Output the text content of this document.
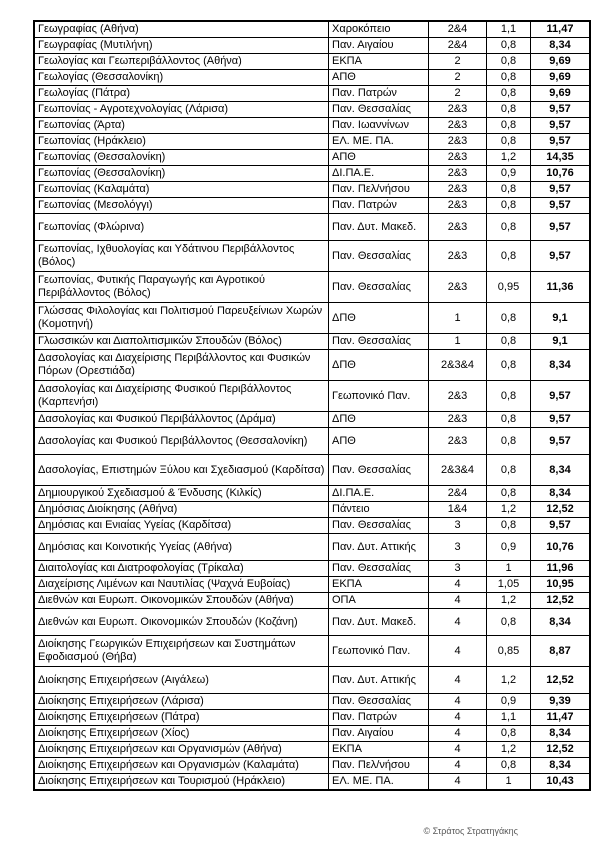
Γεωγραφίας (Αθήνα)	Χαροκόπειο	2&4	1,1	11,47
Γεωγραφίας (Μυτιλήνη)	Παν. Αιγαίου	2&4	0,8	8,34
Γεωλογίας και Γεωπεριβάλλοντος (Αθήνα)	ΕΚΠΑ	2	0,8	9,69
Γεωλογίας (Θεσσαλονίκη)	ΑΠΘ	2	0,8	9,69
Γεωλογίας (Πάτρα)	Παν. Πατρών	2	0,8	9,69
Γεωπονίας - Αγροτεχνολογίας (Λάρισα)	Παν. Θεσσαλίας	2&3	0,8	9,57
Γεωπονίας (Άρτα)	Παν. Ιωαννίνων	2&3	0,8	9,57
Γεωπονίας (Ηράκλειο)	ΕΛ. ΜΕ. ΠΑ.	2&3	0,8	9,57
Γεωπονίας (Θεσσαλονίκη)	ΑΠΘ	2&3	1,2	14,35
Γεωπονίας (Θεσσαλονίκη)	ΔΙ.ΠΑ.Ε.	2&3	0,9	10,76
Γεωπονίας (Καλαμάτα)	Παν. Πελ/νήσου	2&3	0,8	9,57
Γεωπονίας (Μεσολόγγι)	Παν. Πατρών	2&3	0,8	9,57
Γεωπονίας (Φλώρινα)	Παν. Δυτ. Μακεδ.	2&3	0,8	9,57
Γεωπονίας, Ιχθυολογίας και Υδάτινου Περιβάλλοντος (Βόλος)	Παν. Θεσσαλίας	2&3	0,8	9,57
Γεωπονίας, Φυτικής Παραγωγής και Αγροτικού Περιβάλλοντος (Βόλος)	Παν. Θεσσαλίας	2&3	0,95	11,36
Γλώσσας Φιλολογίας και Πολιτισμού Παρευξείνιων Χωρών (Κομοτηνή)	ΔΠΘ	1	0,8	9,1
Γλωσσικών και Διαπολιτισμικών Σπουδών (Βόλος)	Παν. Θεσσαλίας	1	0,8	9,1
Δασολογίας και Διαχείρισης Περιβάλλοντος και Φυσικών Πόρων (Ορεστιάδα)	ΔΠΘ	2&3&4	0,8	8,34
Δασολογίας και Διαχείρισης Φυσικού Περιβάλλοντος (Καρπενήσι)	Γεωπονικό Παν.	2&3	0,8	9,57
Δασολογίας και Φυσικού Περιβάλλοντος (Δράμα)	ΔΠΘ	2&3	0,8	9,57
Δασολογίας και Φυσικού Περιβάλλοντος (Θεσσαλονίκη)	ΑΠΘ	2&3	0,8	9,57
Δασολογίας, Επιστημών Ξύλου και Σχεδιασμού (Καρδίτσα)	Παν. Θεσσαλίας	2&3&4	0,8	8,34
Δημιουργικού Σχεδιασμού & Ένδυσης (Κιλκίς)	ΔΙ.ΠΑ.Ε.	2&4	0,8	8,34
Δημόσιας Διοίκησης (Αθήνα)	Πάντειο	1&4	1,2	12,52
Δημόσιας και Ενιαίας Υγείας (Καρδίτσα)	Παν. Θεσσαλίας	3	0,8	9,57
Δημόσιας και Κοινοτικής Υγείας (Αθήνα)	Παν. Δυτ. Αττικής	3	0,9	10,76
Διαιτολογίας και Διατροφολογίας (Τρίκαλα)	Παν. Θεσσαλίας	3	1	11,96
Διαχείρισης Λιμένων και Ναυτιλίας (Ψαχνά Ευβοίας)	ΕΚΠΑ	4	1,05	10,95
Διεθνών και Ευρωπ. Οικονομικών Σπουδών (Αθήνα)	ΟΠΑ	4	1,2	12,52
Διεθνών και Ευρωπ. Οικονομικών Σπουδών (Κοζάνη)	Παν. Δυτ. Μακεδ.	4	0,8	8,34
Διοίκησης Γεωργικών Επιχειρήσεων και Συστημάτων Εφοδιασμού (Θήβα)	Γεωπονικό Παν.	4	0,85	8,87
Διοίκησης Επιχειρήσεων (Αιγάλεω)	Παν. Δυτ. Αττικής	4	1,2	12,52
Διοίκησης Επιχειρήσεων (Λάρισα)	Παν. Θεσσαλίας	4	0,9	9,39
Διοίκησης Επιχειρήσεων (Πάτρα)	Παν. Πατρών	4	1,1	11,47
Διοίκησης Επιχειρήσεων (Χίος)	Παν. Αιγαίου	4	0,8	8,34
Διοίκησης Επιχειρήσεων και Οργανισμών (Αθήνα)	ΕΚΠΑ	4	1,2	12,52
Διοίκησης Επιχειρήσεων και Οργανισμών (Καλαμάτα)	Παν. Πελ/νήσου	4	0,8	8,34
Διοίκησης Επιχειρήσεων και Τουρισμού (Ηράκλειο)	ΕΛ. ΜΕ. ΠΑ.	4	1	10,43
© Στράτος Στρατηγάκης
